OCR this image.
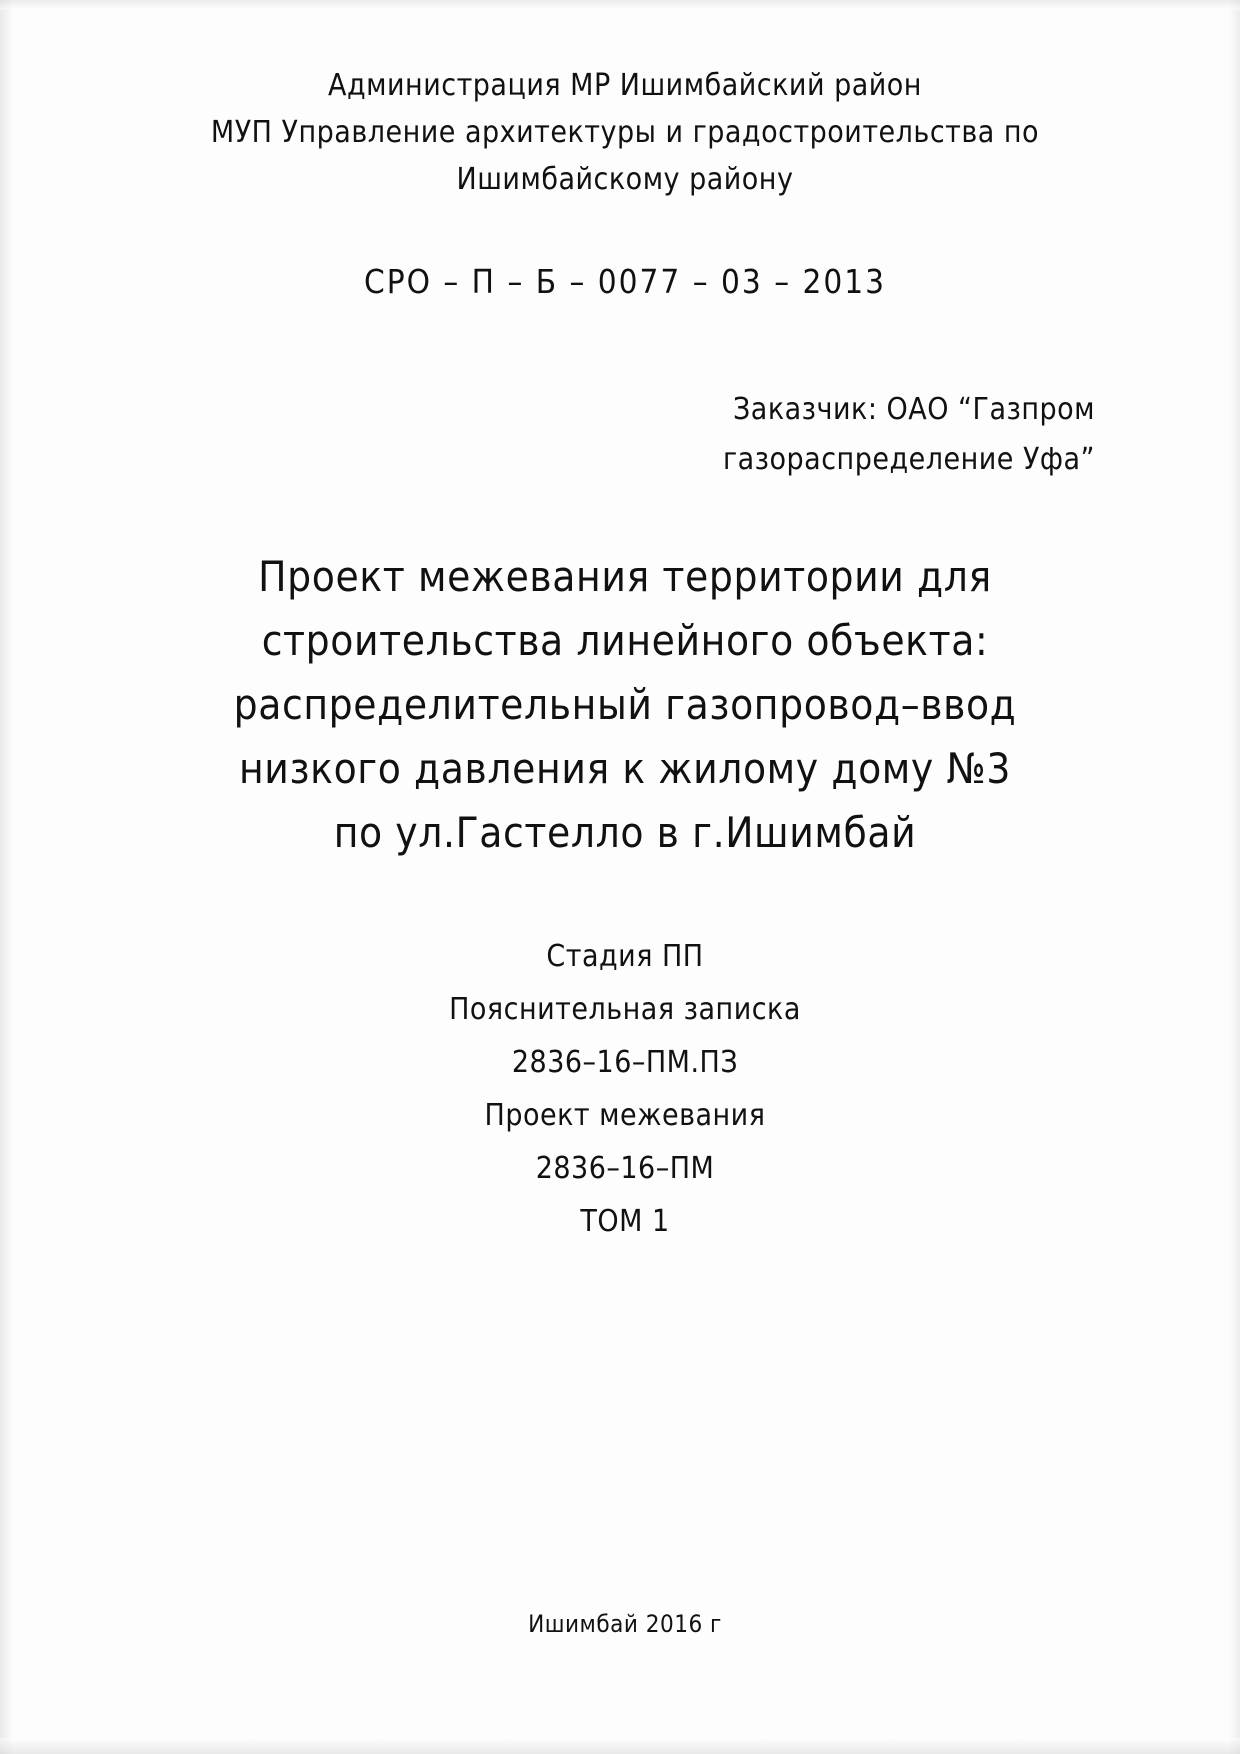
Администрация МР Ишимбайский район
МУП Управление архитектуры и градостроительства по
Ишимбайскому району
СРО – П – Б – 0077 – 03 – 2013
Заказчик: ОАО “Газпром
газораспределение Уфа”
Проект межевания территории для
строительства линейного объекта:
распределительный газопровод–ввод
низкого давления к жилому дому №3
по ул.Гастелло в г.Ишимбай
Стадия ПП
Пояснительная записка
2836–16–ПМ.ПЗ
Проект межевания
2836–16–ПМ
ТОМ 1
Ишимбай 2016 г
